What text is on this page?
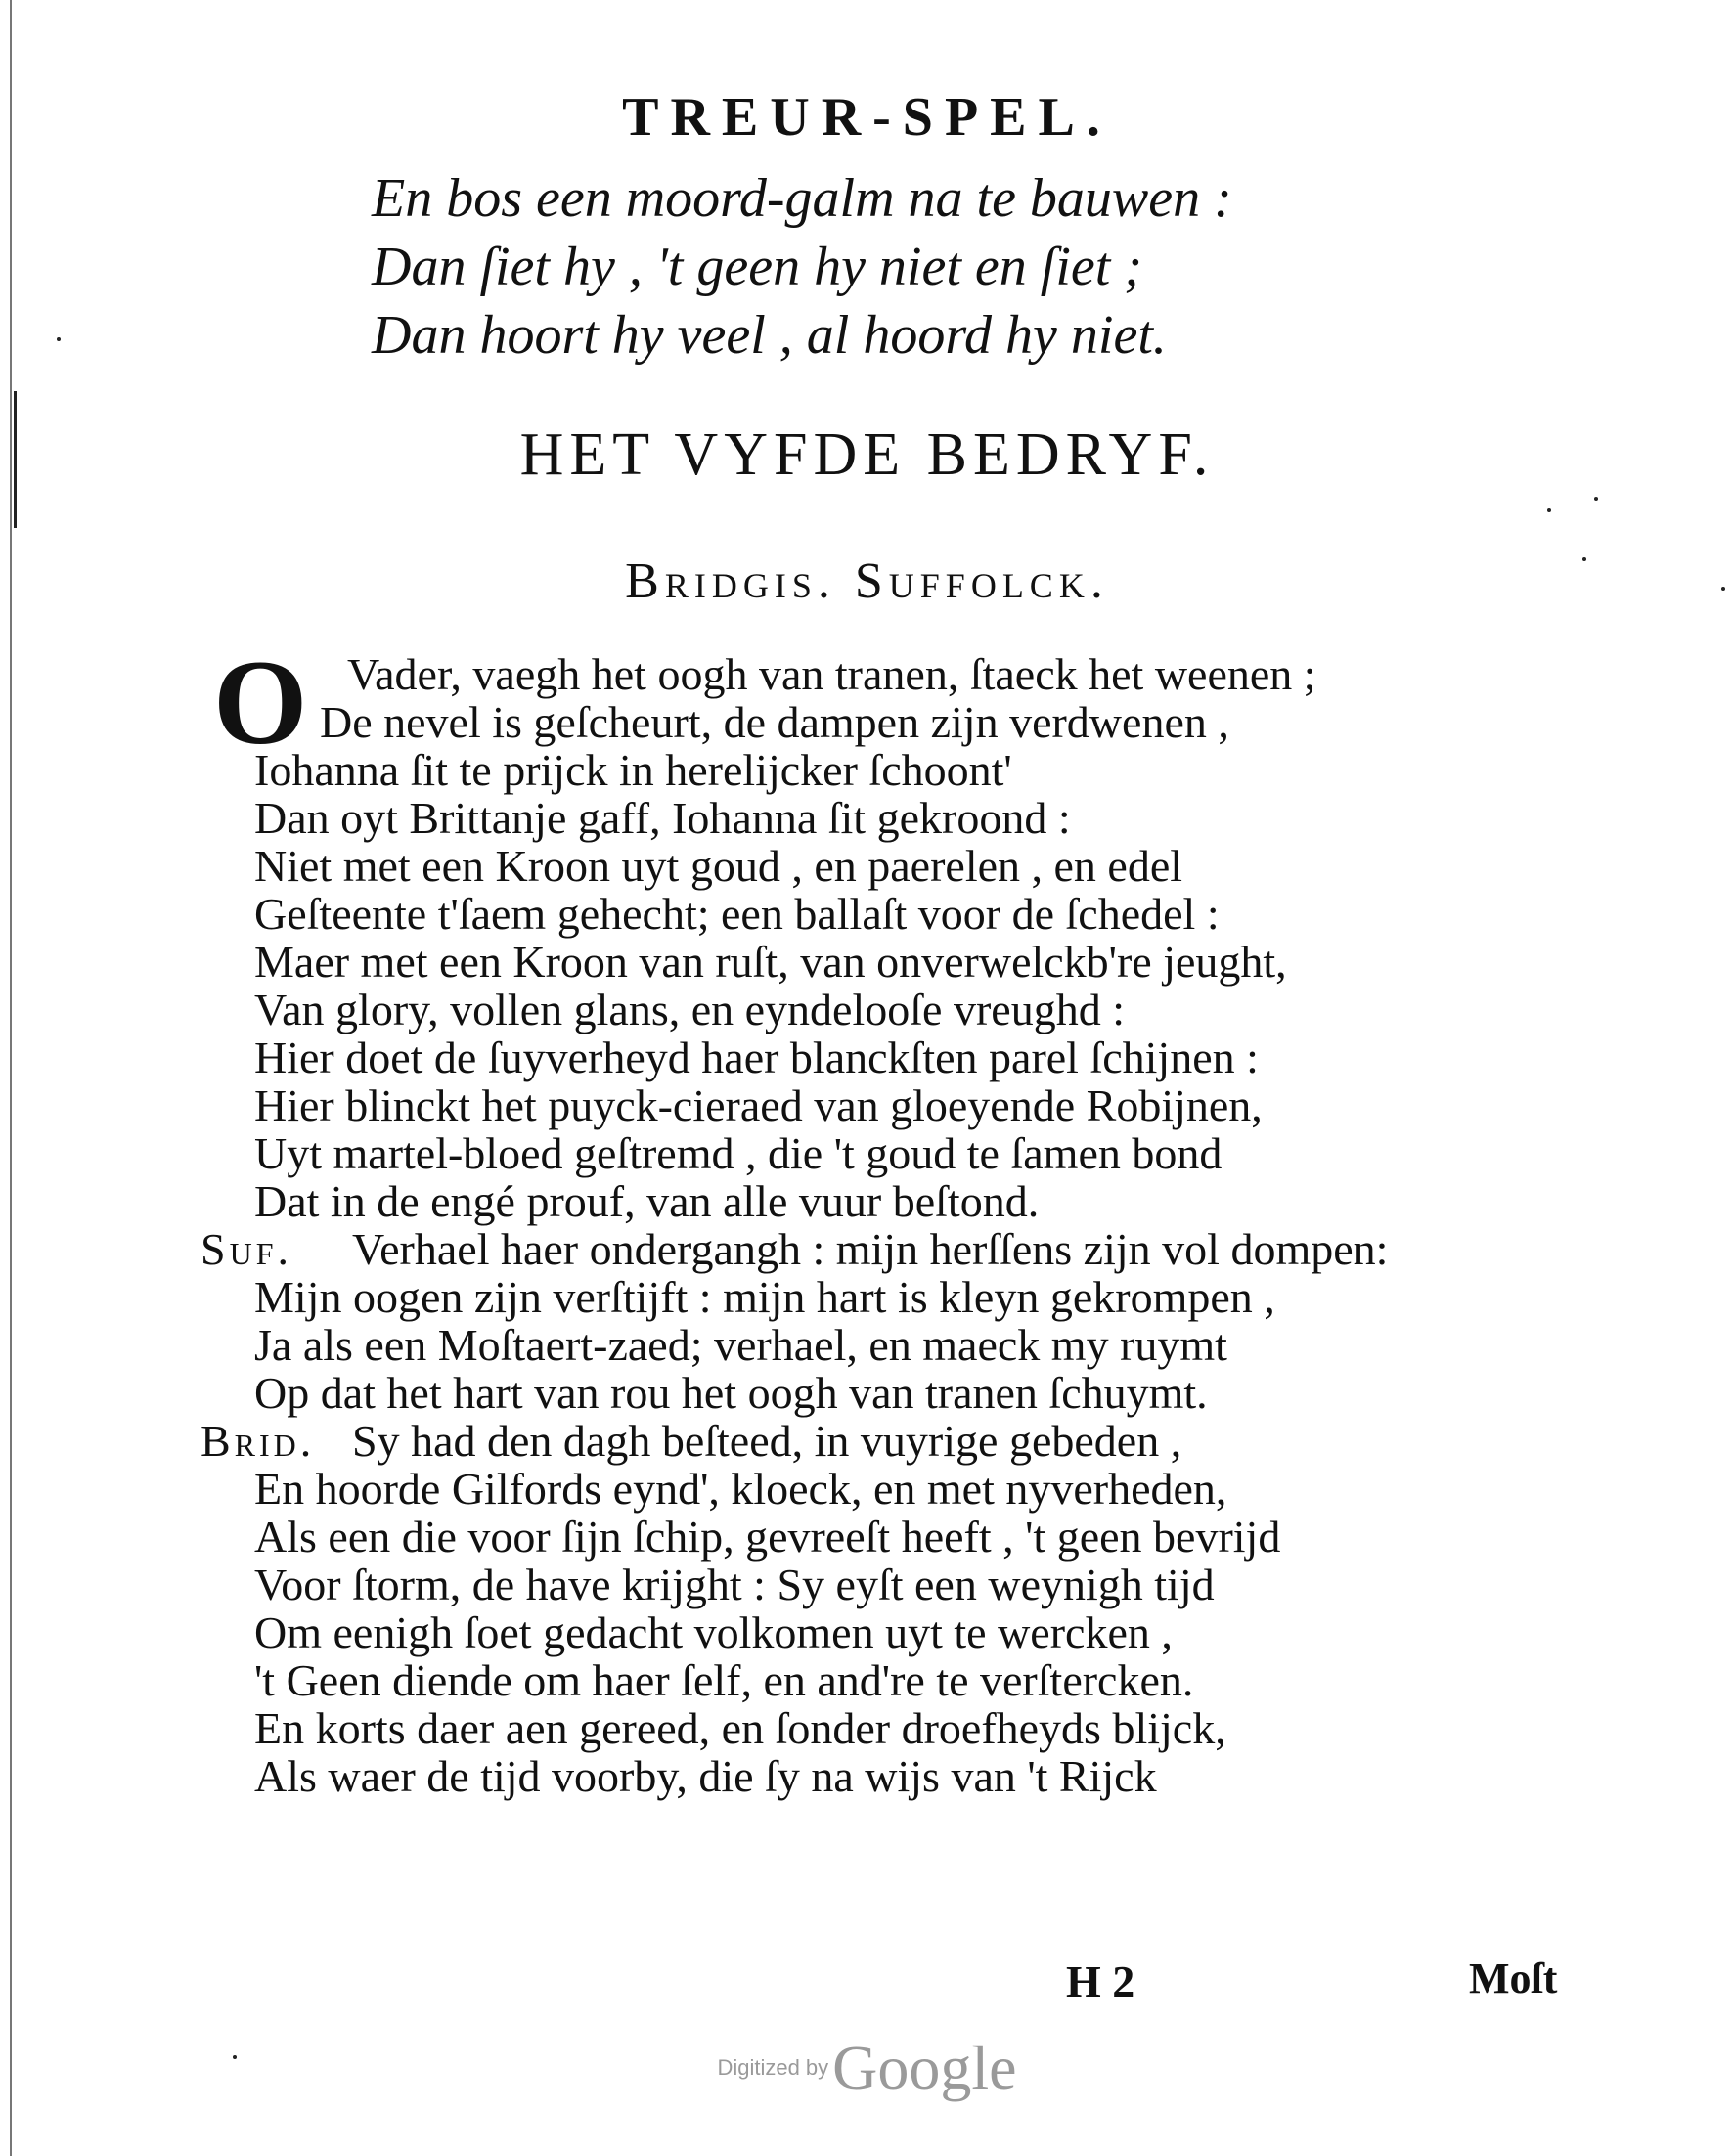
TREUR-SPEL.
En bos een moord-galm na te bauwen :
Dan ſiet hy , 't geen hy niet en ſiet ;
Dan hoort hy veel , al hoord hy niet.
HET VYFDE BEDRYF.
Bridgis. Suffolck.
O Vader, vaegh het oogh van tranen, ſtaeck het weenen ;
De nevel is geſcheurt, de dampen zijn verdwenen ,
Iohanna ſit te prijck in herelijcker ſchoont'
Dan oyt Brittanje gaff, Iohanna ſit gekroond :
Niet met een Kroon uyt goud , en paerelen , en edel
Geſteente t'ſaem gehecht; een ballaſt voor de ſchedel :
Maer met een Kroon van ruſt, van onverwelckb're jeught,
Van glory, vollen glans, en eyndelooſe vreughd :
Hier doet de ſuyverheyd haer blanckſten parel ſchijnen :
Hier blinckt het puyck-cieraed van gloeyende Robijnen,
Uyt martel-bloed geſtremd , die 't goud te ſamen bond
Dat in de engé prouf, van alle vuur beſtond.
Suf. Verhael haer ondergangh : mijn herſſens zijn vol dompen:
Mijn oogen zijn verſtijft : mijn hart is kleyn gekrompen ,
Ja als een Moſtaert-zaed; verhael, en maeck my ruymt
Op dat het hart van rou het oogh van tranen ſchuymt.
Brid. Sy had den dagh beſteed, in vuyrige gebeden ,
En hoorde Gilfords eynd', kloeck, en met nyverheden,
Als een die voor ſijn ſchip, gevreeſt heeft , 't geen bevrijd
Voor ſtorm, de have krijght : Sy eyſt een weynigh tijd
Om eenigh ſoet gedacht volkomen uyt te wercken ,
't Geen diende om haer ſelf, en and're te verſtercken.
En korts daer aen gereed, en ſonder droefheyds blijck,
Als waer de tijd voorby, die ſy na wijs van 't Rijck
H 2	Moſt
Digitized by Google
